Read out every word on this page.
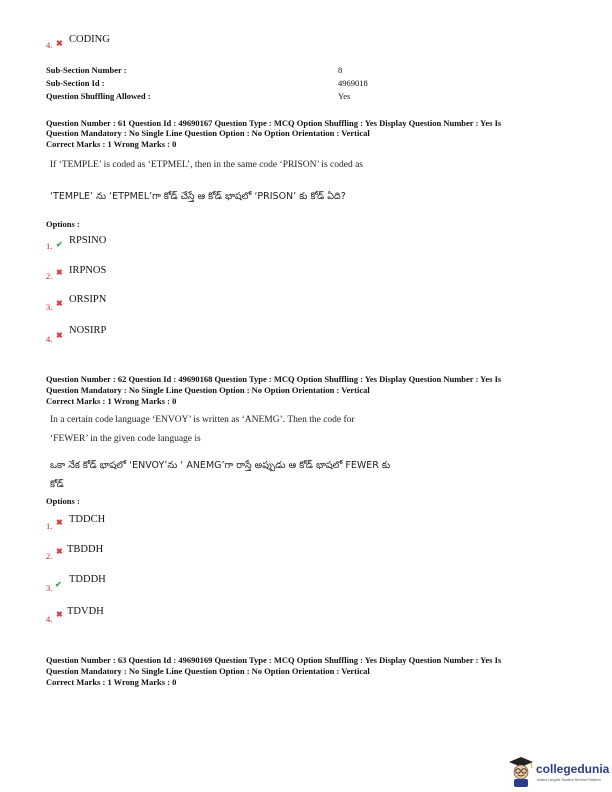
4. ✖ CODING
Sub-Section Number :	8
Sub-Section Id :	4969018
Question Shuffling Allowed :	Yes
Question Number : 61 Question Id : 49690167 Question Type : MCQ Option Shuffling : Yes Display Question Number : Yes Is
Question Mandatory : No Single Line Question Option : No Option Orientation : Vertical
Correct Marks : 1 Wrong Marks : 0
If ‘TEMPLE’ is coded as ‘ETPMEL’, then in the same code ‘PRISON’ is coded as
‘TEMPLE’ ను ‘ETPMEL’గా కోడ్ చేస్తే ఆ కోడ్ భాషలో ‘PRISON’ కు కోడ్ ఏది?
Options :
1. ✔ RPSINO
2. ✖ IRPNOS
3. ✖ ORSIPN
4. ✖ NOSIRP
Question Number : 62 Question Id : 49690168 Question Type : MCQ Option Shuffling : Yes Display Question Number : Yes Is
Question Mandatory : No Single Line Question Option : No Option Orientation : Vertical
Correct Marks : 1 Wrong Marks : 0
In a certain code language ‘ENVOY’ is written as ‘ANEMG’. Then the code for
‘FEWER’ in the given code language is
ఒకా నేక కోడ్ భాషలో ‘ENVOY’ను ‘ ANEMG’గా రాస్తే అప్పుడు ఆ కోడ్ భాషలో FEWER కు
కోడ్
Options :
1. ✖ TDDCH
2. ✖ TBDDH
3. ✔ TDDDH
4. ✖ TDVDH
Question Number : 63 Question Id : 49690169 Question Type : MCQ Option Shuffling : Yes Display Question Number : Yes Is
Question Mandatory : No Single Line Question Option : No Option Orientation : Vertical
Correct Marks : 1 Wrong Marks : 0
collegedunia
India's Largest Student Review Platform
